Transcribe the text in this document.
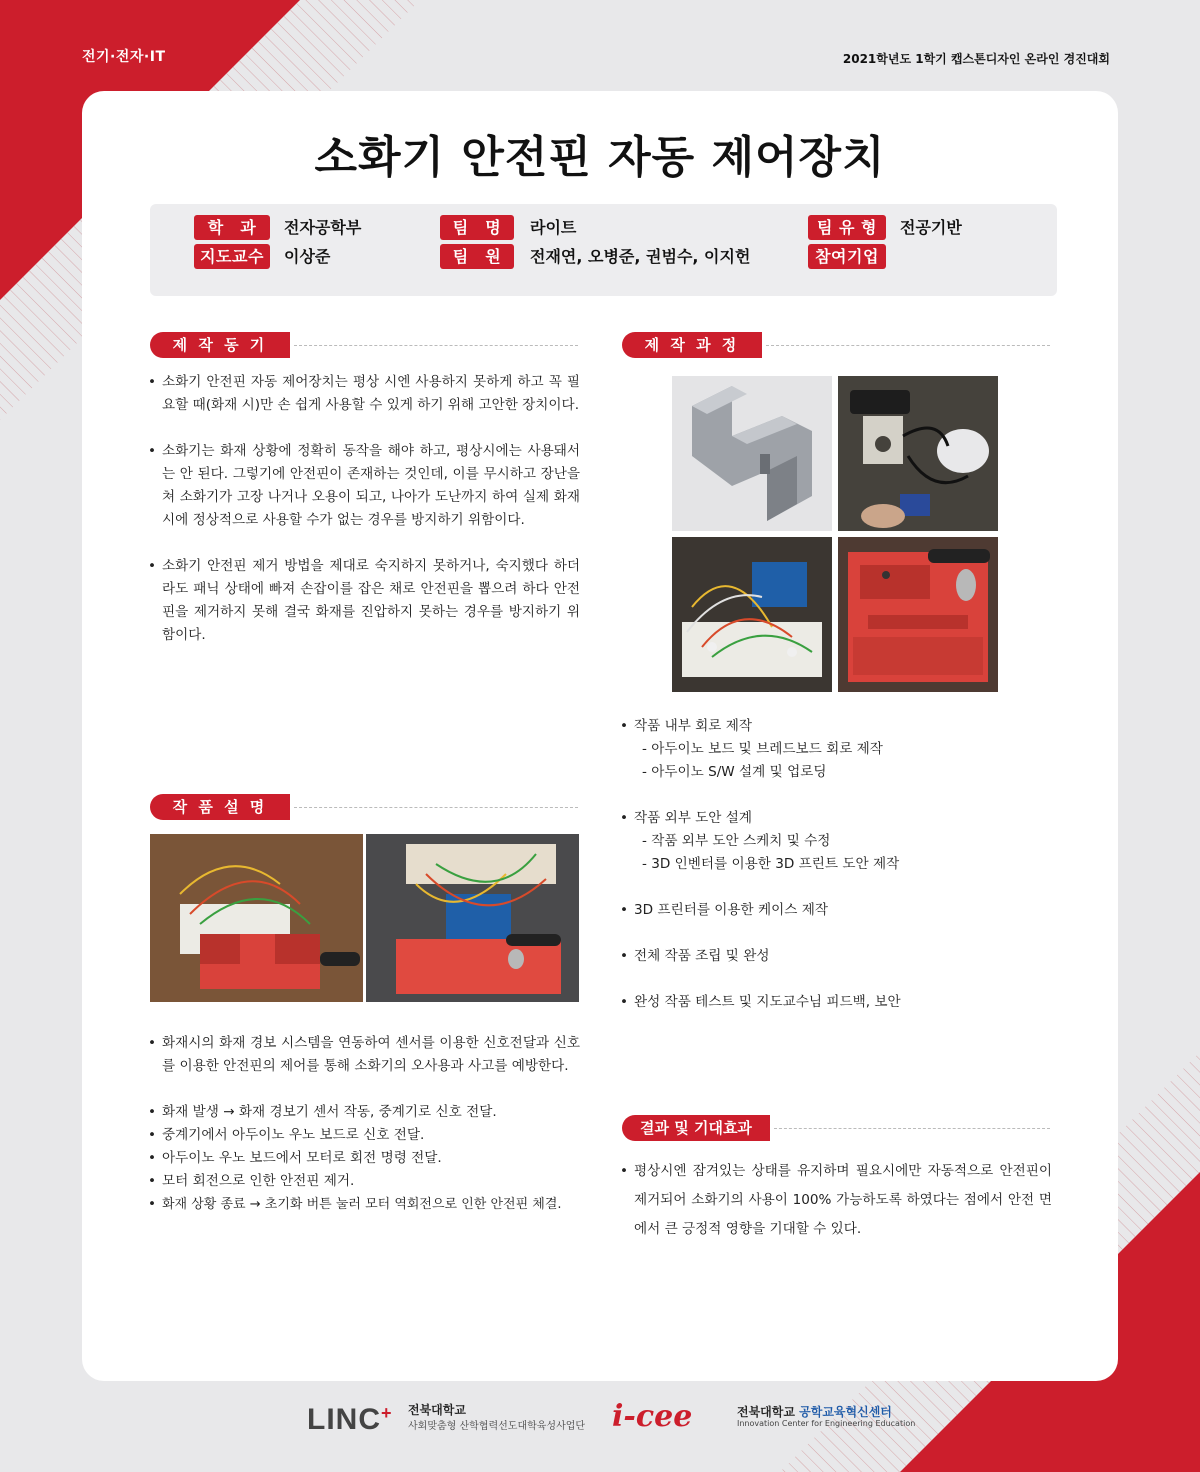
전기·전자·IT	2021학년도 1학기 캡스톤디자인 온라인 경진대회
소화기 안전핀 자동 제어장치
학　과	전자공학부
지도교수	이상준
팀　명	라이트
팀　원	전재연, 오병준, 권범수, 이지헌
팀 유 형	전공기반
참여기업
제 작 동 기
• 소화기 안전핀 자동 제어장치는 평상 시엔 사용하지 못하게 하고 꼭 필요할 때(화재 시)만 손 쉽게 사용할 수 있게 하기 위해 고안한 장치이다.
• 소화기는 화재 상황에 정확히 동작을 해야 하고, 평상시에는 사용돼서는 안 된다. 그렇기에 안전핀이 존재하는 것인데, 이를 무시하고 장난을 쳐 소화기가 고장 나거나 오용이 되고, 나아가 도난까지 하여 실제 화재 시에 정상적으로 사용할 수가 없는 경우를 방지하기 위함이다.
• 소화기 안전핀 제거 방법을 제대로 숙지하지 못하거나, 숙지했다 하더라도 패닉 상태에 빠져 손잡이를 잡은 채로 안전핀을 뽑으려 하다 안전핀을 제거하지 못해 결국 화재를 진압하지 못하는 경우를 방지하기 위함이다.
제 작 과 정
• 작품 내부 회로 제작
- 아두이노 보드 및 브레드보드 회로 제작
- 아두이노 S/W 설계 및 업로딩
• 작품 외부 도안 설계
- 작품 외부 도안 스케치 및 수정
- 3D 인벤터를 이용한 3D 프린트 도안 제작
• 3D 프린터를 이용한 케이스 제작
• 전체 작품 조립 및 완성
• 완성 작품 테스트 및 지도교수님 피드백, 보안
작 품 설 명
• 화재시의 화재 경보 시스템을 연동하여 센서를 이용한 신호전달과 신호를 이용한 안전핀의 제어를 통해 소화기의 오사용과 사고를 예방한다.
• 화재 발생 → 화재 경보기 센서 작동, 중계기로 신호 전달.
• 중계기에서 아두이노 우노 보드로 신호 전달.
• 아두이노 우노 보드에서 모터로 회전 명령 전달.
• 모터 회전으로 인한 안전핀 제거.
• 화재 상황 종료 → 초기화 버튼 눌러 모터 역회전으로 인한 안전핀 체결.
결과 및 기대효과
• 평상시엔 잠겨있는 상태를 유지하며 필요시에만 자동적으로 안전핀이 제거되어 소화기의 사용이 100% 가능하도록 하였다는 점에서 안전 면에서 큰 긍정적 영향을 기대할 수 있다.
LINC+ 전북대학교
사회맞춤형 산학협력선도대학육성사업단 i-cee	전북대학교 공학교육혁신센터
Innovation Center for Engineering Education
